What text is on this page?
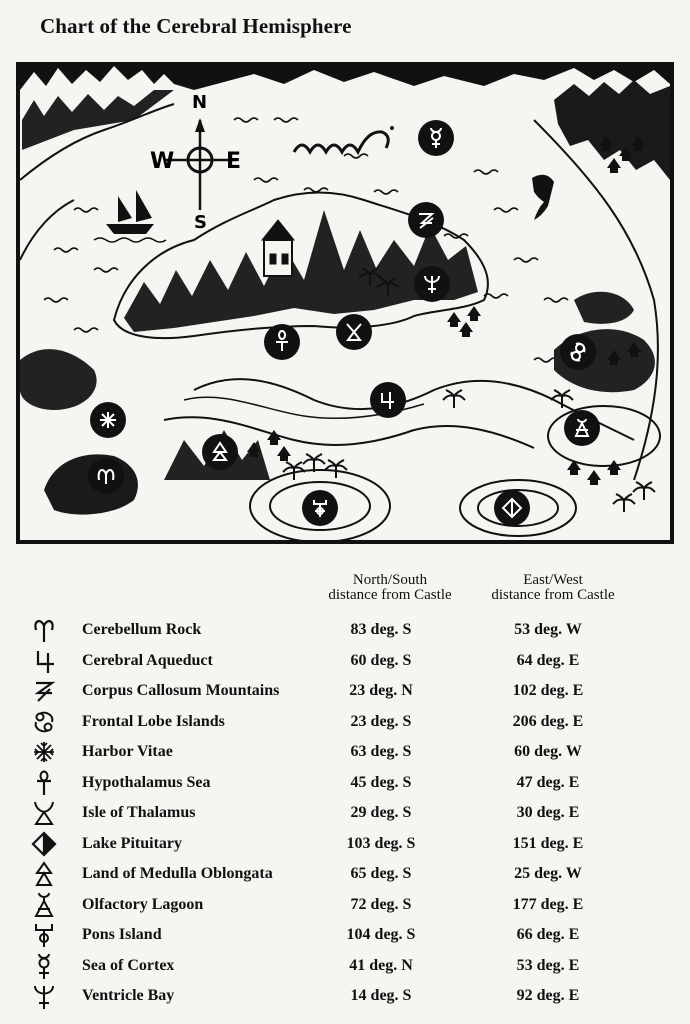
Chart of the Cerebral Hemisphere
N
S
E
W
North/South
distance from Castle
East/West
distance from Castle
Cerebellum Rock	83 deg. S	53 deg. W
Cerebral Aqueduct	60 deg. S	64 deg. E
Corpus Callosum Mountains	23 deg. N	102 deg. E
Frontal Lobe Islands	23 deg. S	206 deg. E
Harbor Vitae	63 deg. S	60 deg. W
Hypothalamus Sea	45 deg. S	47 deg. E
Isle of Thalamus	29 deg. S	30 deg. E
Lake Pituitary	103 deg. S	151 deg. E
Land of Medulla Oblongata	65 deg. S	25 deg. W
Olfactory Lagoon	72 deg. S	177 deg. E
Pons Island	104 deg. S	66 deg. E
Sea of Cortex	41 deg. N	53 deg. E
Ventricle Bay	14 deg. S	92 deg. E
